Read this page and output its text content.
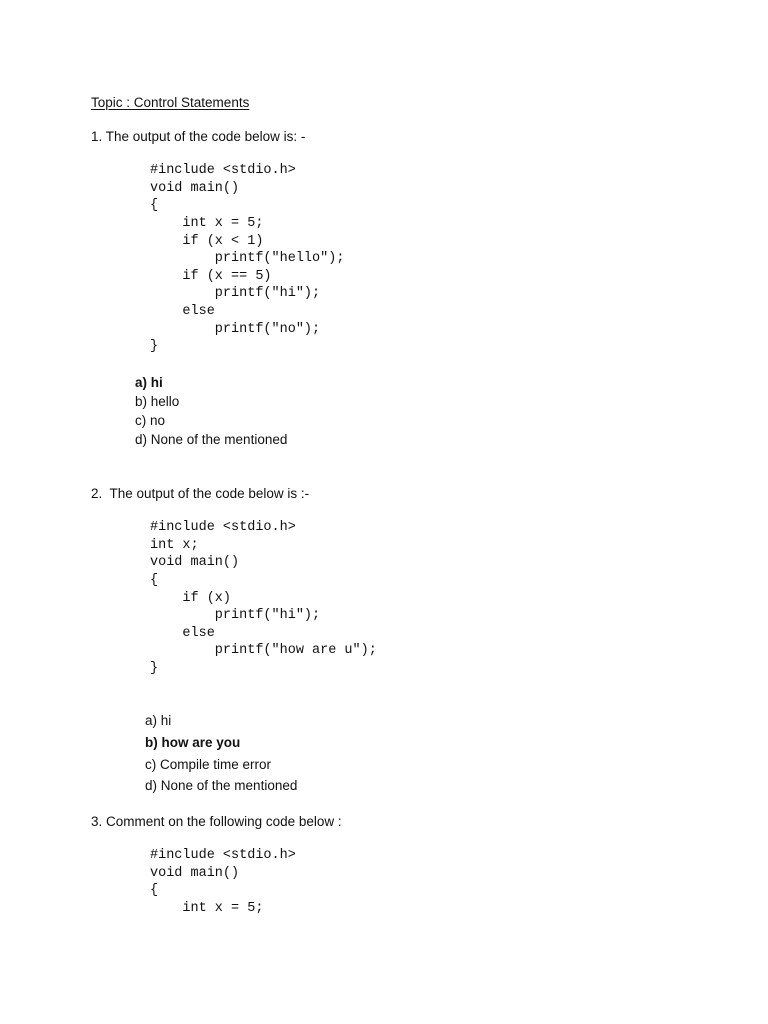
Topic : Control Statements
1. The output of the code below is: -

#include <stdio.h>

void main()

{

int x = 5;

if (x < 1)

printf("hello");

if (x == 5)

printf("hi");

else

printf("no");

}

a) hi
b) hello
c) no
d) None of the mentioned
2.  The output of the code below is :-

#include <stdio.h>

int x;

void main()

{

if (x)

printf("hi");

else

printf("how are u");

}

a) hi
b) how are you
c) Compile time error
d) None of the mentioned
3. Comment on the following code below :

#include <stdio.h>

void main()

{

int x = 5;
